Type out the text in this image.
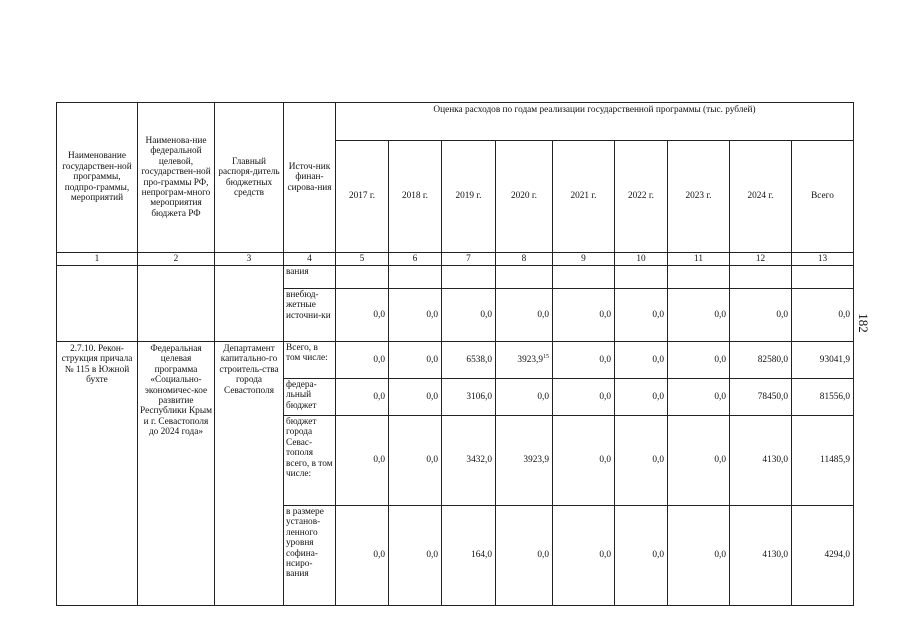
182
Наименование государствен-ной программы, подпро-граммы, мероприятий	Наименова-ние федеральной целевой, государствен-ной про-граммы РФ, непрограм-много мероприятия бюджета РФ	Главный распоря-дитель бюджетных средств	Источ-ник финан-сирова-ния	Оценка расходов по годам реализации государственной программы (тыс. рублей)								
				2017 г.	2018 г.	2019 г.	2020 г.	2021 г.	2022 г.	2023 г.	2024 г.	Всего
1	2	3	4	5	6	7	8	9	10	11	12	13
			вания									
			внебюд-жетные источни-ки	0,0	0,0	0,0	0,0	0,0	0,0	0,0	0,0	0,0
2.7.10. Рекон-струкция причала № 115 в Южной бухте	Федеральная целевая программа «Социально-экономичес-кое развитие Республики Крым и г. Севастополя до 2024 года»	Департамент капитально-го строитель-ства города Севастополя	Всего, в том числе:	0,0	0,0	6538,0	3923,9$^{15}$	0,0	0,0	0,0	82580,0	93041,9
			федера-льный бюджет	0,0	0,0	3106,0	0,0	0,0	0,0	0,0	78450,0	81556,0
			бюджет города Севас-тополя всего, в том числе:	0,0	0,0	3432,0	3923,9	0,0	0,0	0,0	4130,0	11485,9
			в размере установ-ленного уровня софина-нсиро-вания	0,0	0,0	164,0	0,0	0,0	0,0	0,0	4130,0	4294,0
